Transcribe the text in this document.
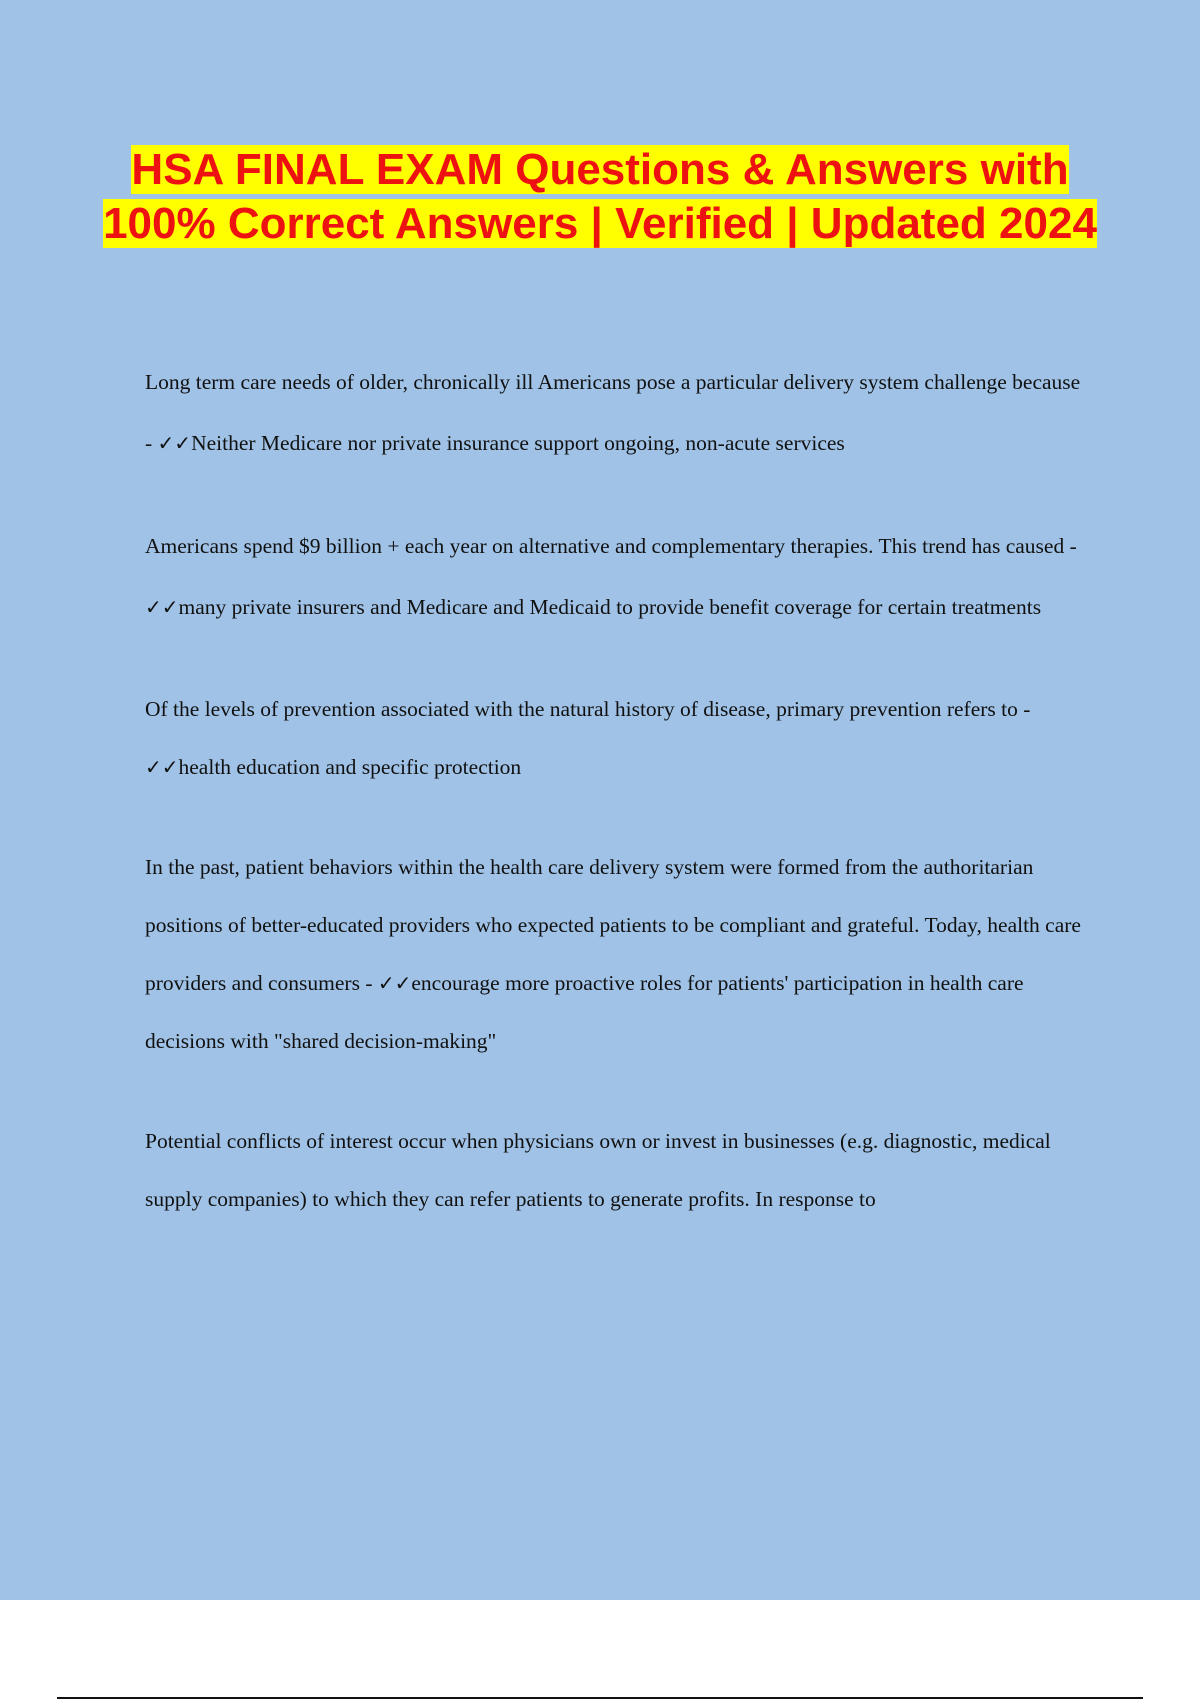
HSA FINAL EXAM Questions & Answers with 100% Correct Answers | Verified | Updated 2024
Long term care needs of older, chronically ill Americans pose a particular delivery system challenge because - ✓✓Neither Medicare nor private insurance support ongoing, non-acute services
Americans spend $9 billion + each year on alternative and complementary therapies. This trend has caused - ✓✓many private insurers and Medicare and Medicaid to provide benefit coverage for certain treatments
Of the levels of prevention associated with the natural history of disease, primary prevention refers to - ✓✓health education and specific protection
In the past, patient behaviors within the health care delivery system were formed from the authoritarian positions of better-educated providers who expected patients to be compliant and grateful. Today, health care providers and consumers - ✓✓encourage more proactive roles for patients' participation in health care decisions with "shared decision-making"
Potential conflicts of interest occur when physicians own or invest in businesses (e.g. diagnostic, medical supply companies) to which they can refer patients to generate profits. In response to
